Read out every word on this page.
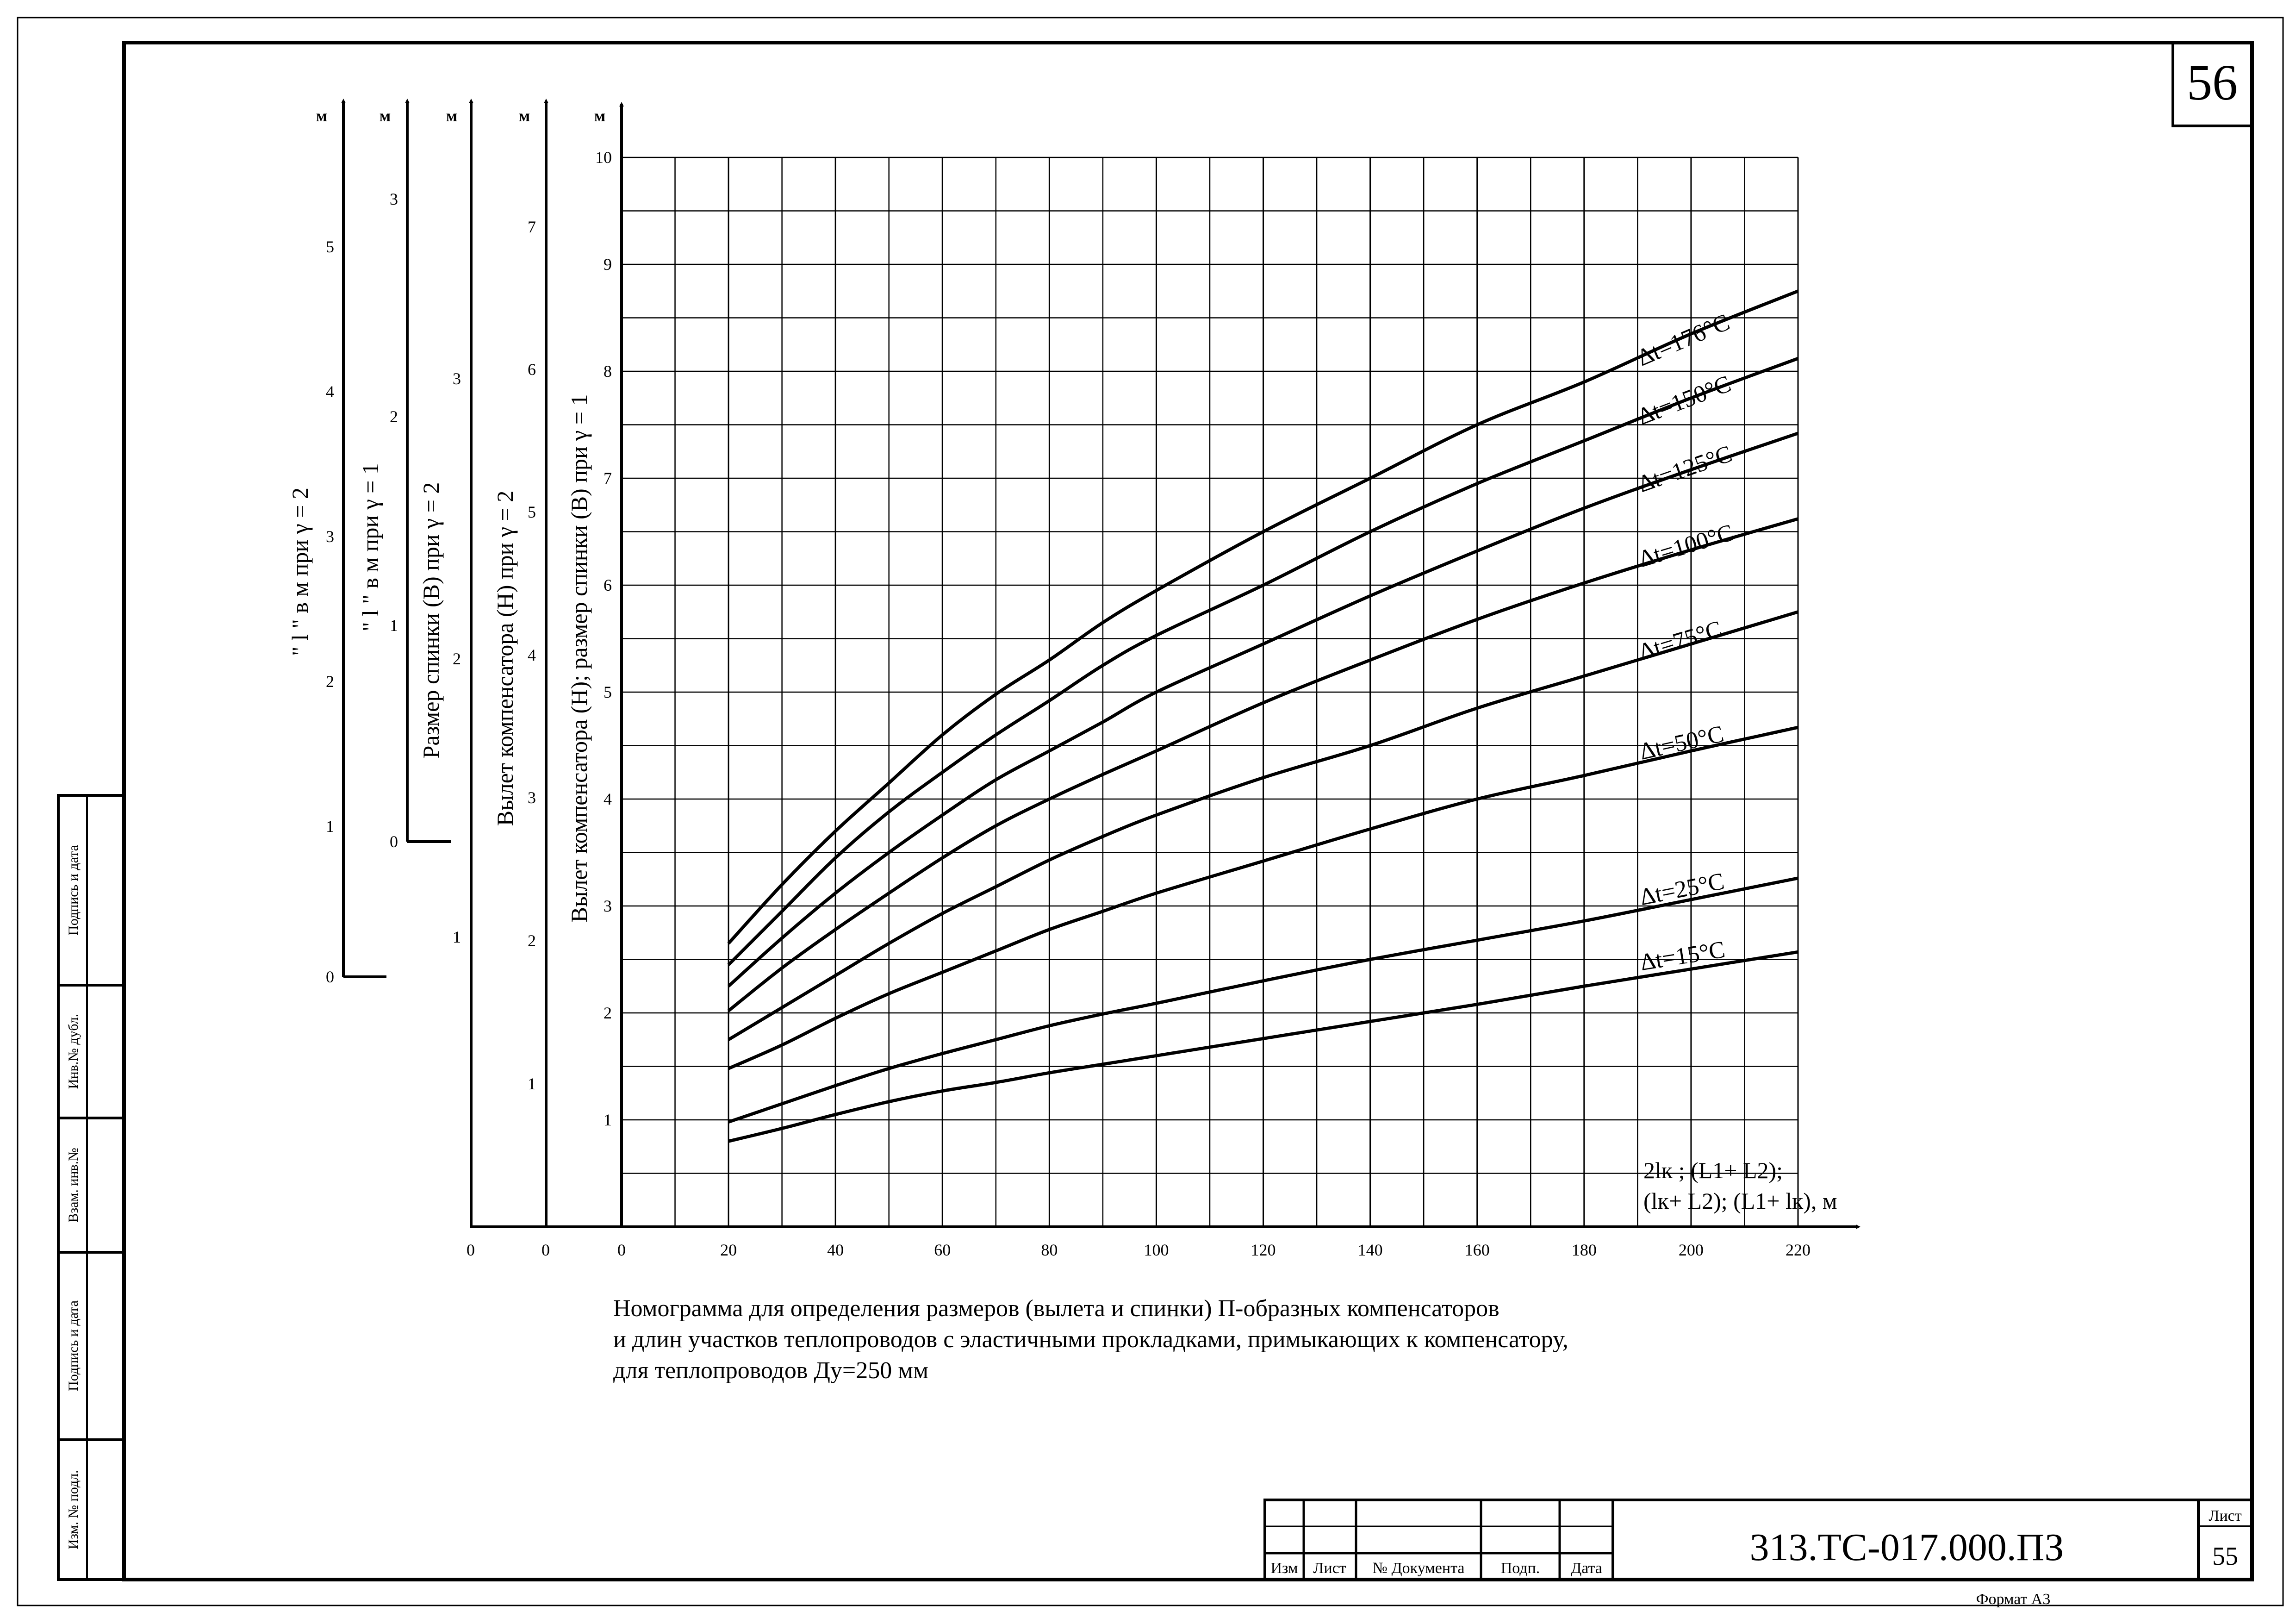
56
Подпись и дата
Инв.№ дубл.
Взам. инв.№
Подпись и дата
Изм. № подл.
Δt=176°C
Δt=150°C
Δt=125°C
Δt=100°C
Δt=75°C
Δt=50°C
Δt=25°C
Δt=15°C
м
Вылет компенсатора (Н); размер спинки (В) при γ = 1
1
2
3
4
5
6
7
8
9
10
2lк ; (L1+ L2);
(lк+ L2); (L1+ lк), м
0	20	40	60	80	100	120	140	160	180	200	220
0	0
м
Вылет компенсатора (Н) при γ = 2
1
2
3
4
5
6
7
м
Размер спинки (В) при γ = 2
1
2
3
м
" l " в м при γ = 1
0
1
2
3
м
" l " в м при γ = 2
0
1
2
3
4
5
Номограмма для определения размеров (вылета и спинки) П-образных компенсаторов
и длин участков теплопроводов с эластичными прокладками, примыкающих к компенсатору,
для теплопроводов Ду=250 мм
Изм Лист № Документа Подп. Дата	313.ТС-017.000.ПЗ
Лист
55
Формат А3
